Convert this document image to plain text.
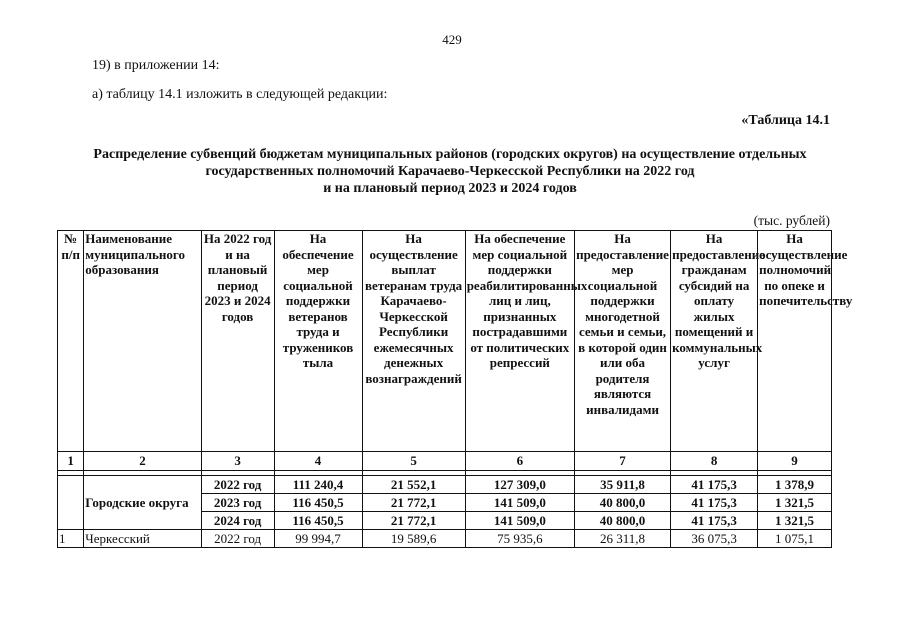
429
19) в приложении 14:
а) таблицу 14.1 изложить в следующей редакции:
«Таблица 14.1
Распределение субвенций бюджетам муниципальных районов (городских округов) на осуществление отдельных
государственных полномочий Карачаево-Черкесской Республики на 2022 год
и на плановый период 2023 и 2024 годов
(тыс. рублей)
№ п/п	Наименование муниципального образования	На 2022 год и на плановый период 2023 и 2024 годов	На обеспечение мер социальной поддержки ветеранов труда и тружеников тыла	На осуществление выплат ветеранам труда Карачаево-Черкесской Республики ежемесячных денежных вознаграждений	На обеспечение мер социальной поддержки реабилитированных лиц и лиц, признанных пострадавшими от политических репрессий	На предоставление мер социальной поддержки многодетной семьи и семьи, в которой один или оба родителя являются инвалидами	На предоставление гражданам субсидий на оплату жилых помещений и коммунальных услуг	На осуществление полномочий по опеке и попечительству
1	2	3	4	5	6	7	8	9

	Городские округа	2022 год	111 240,4	21 552,1	127 309,0	35 911,8	41 175,3	1 378,9
		2023 год	116 450,5	21 772,1	141 509,0	40 800,0	41 175,3	1 321,5
		2024 год	116 450,5	21 772,1	141 509,0	40 800,0	41 175,3	1 321,5
1	Черкесский	2022 год	99 994,7	19 589,6	75 935,6	26 311,8	36 075,3	1 075,1
